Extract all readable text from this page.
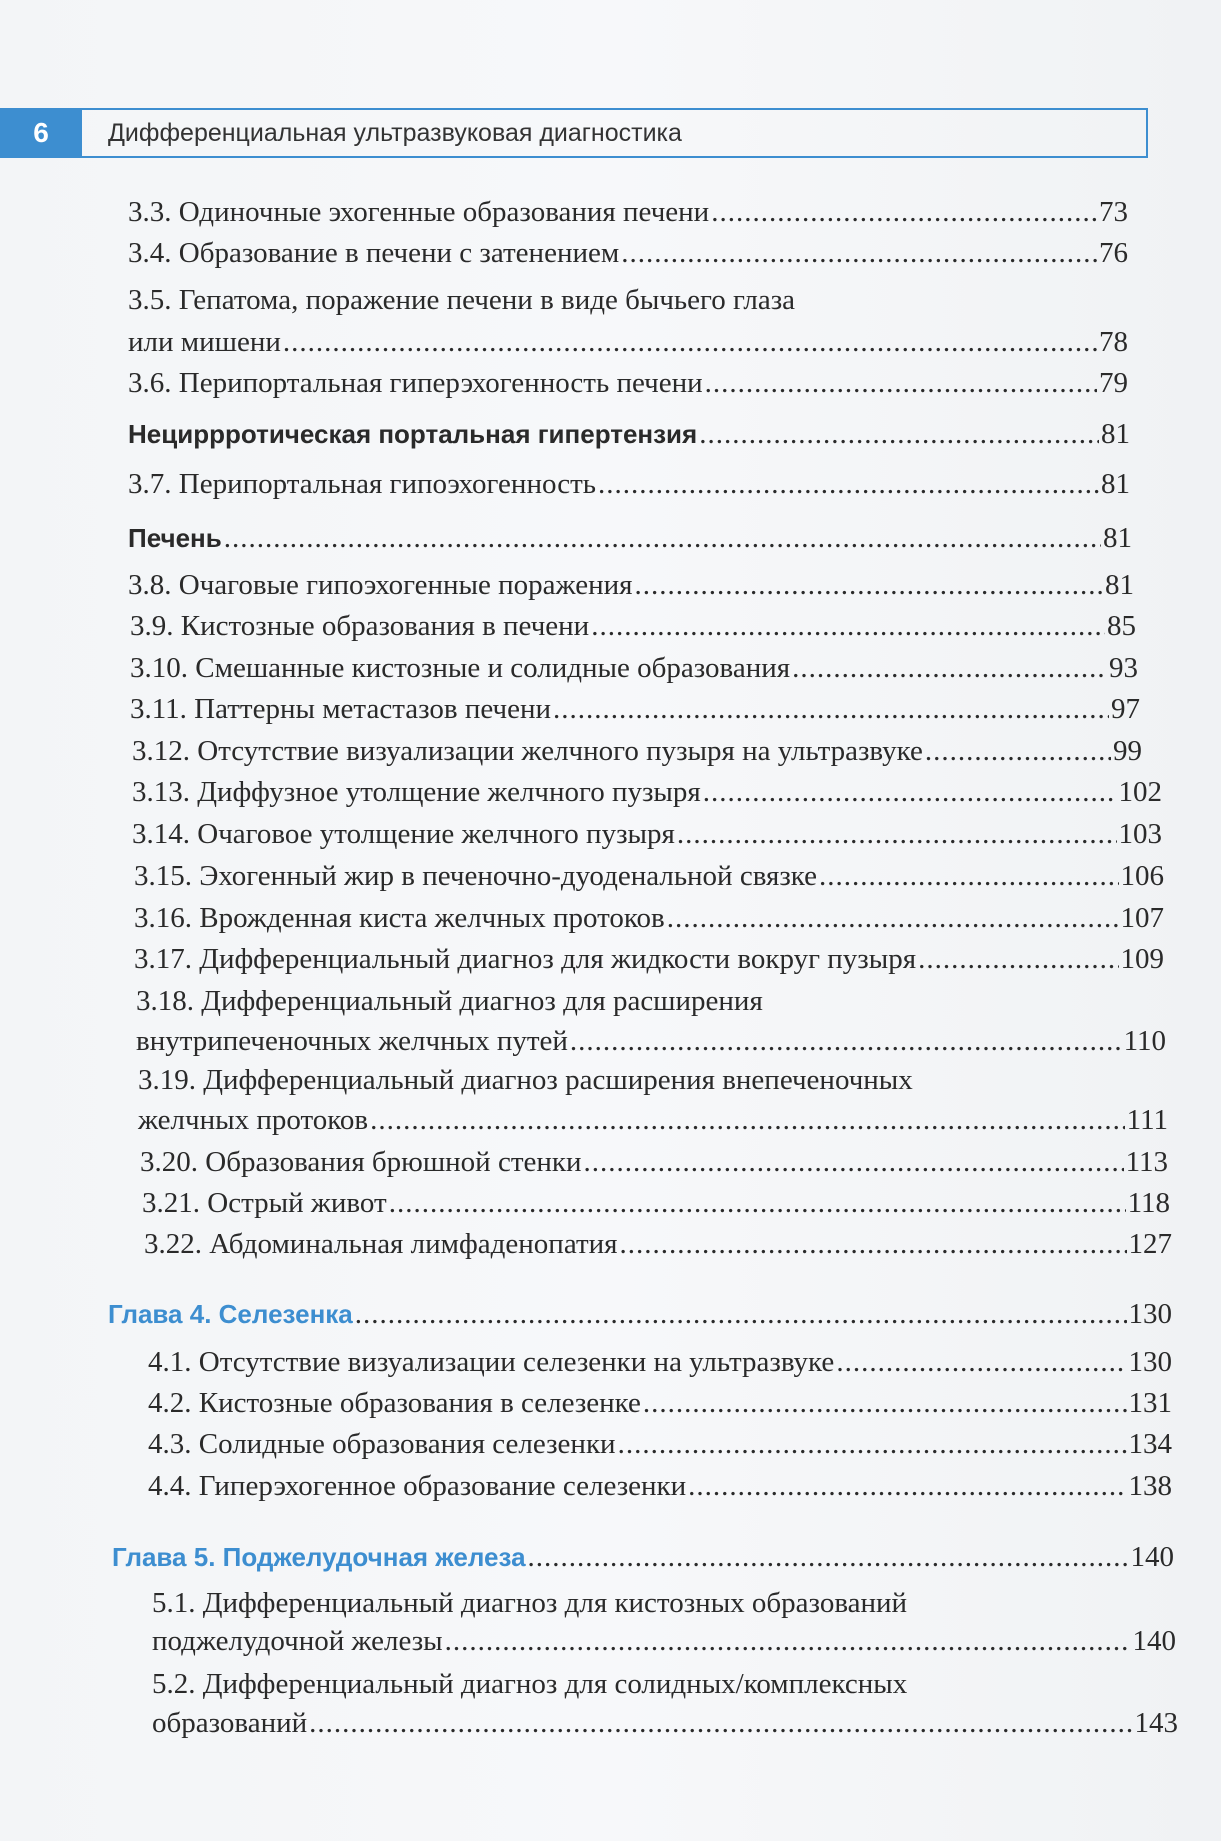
6	Дифференциальная ультразвуковая диагностика
3.3. Одиночные эхогенные образования печени .....	73
3.4. Образование в печени с затенением .....	76
3.5. Гепатома, поражение печени в виде бычьего глаза
или мишени .....	78
3.6. Перипортальная гиперэхогенность печени .....	79
Нециррротическая портальная гипертензия .....	81
3.7. Перипортальная гипоэхогенность .....	81
Печень .....	81
3.8. Очаговые гипоэхогенные поражения .....	81
3.9. Кистозные образования в печени .....	85
3.10. Смешанные кистозные и солидные образования .....	93
3.11. Паттерны метастазов печени .....	97
3.12. Отсутствие визуализации желчного пузыря на ультразвуке .....	99
3.13. Диффузное утолщение желчного пузыря .....	102
3.14. Очаговое утолщение желчного пузыря .....	103
3.15. Эхогенный жир в печеночно-дуоденальной связке .....	106
3.16. Врожденная киста желчных протоков .....	107
3.17. Дифференциальный диагноз для жидкости вокруг пузыря .....	109
3.18. Дифференциальный диагноз для расширения
внутрипеченочных желчных путей .....	110
3.19. Дифференциальный диагноз расширения внепеченочных
желчных протоков .....	111
3.20. Образования брюшной стенки .....	113
3.21. Острый живот .....	118
3.22. Абдоминальная лимфаденопатия .....	127
Глава 4. Селезенка .....	130
4.1. Отсутствие визуализации селезенки на ультразвуке .....	130
4.2. Кистозные образования в селезенке .....	131
4.3. Солидные образования селезенки .....	134
4.4. Гиперэхогенное образование селезенки .....	138
Глава 5. Поджелудочная железа .....	140
5.1. Дифференциальный диагноз для кистозных образований
поджелудочной железы .....	140
5.2. Дифференциальный диагноз для солидных/комплексных
образований .....	143
